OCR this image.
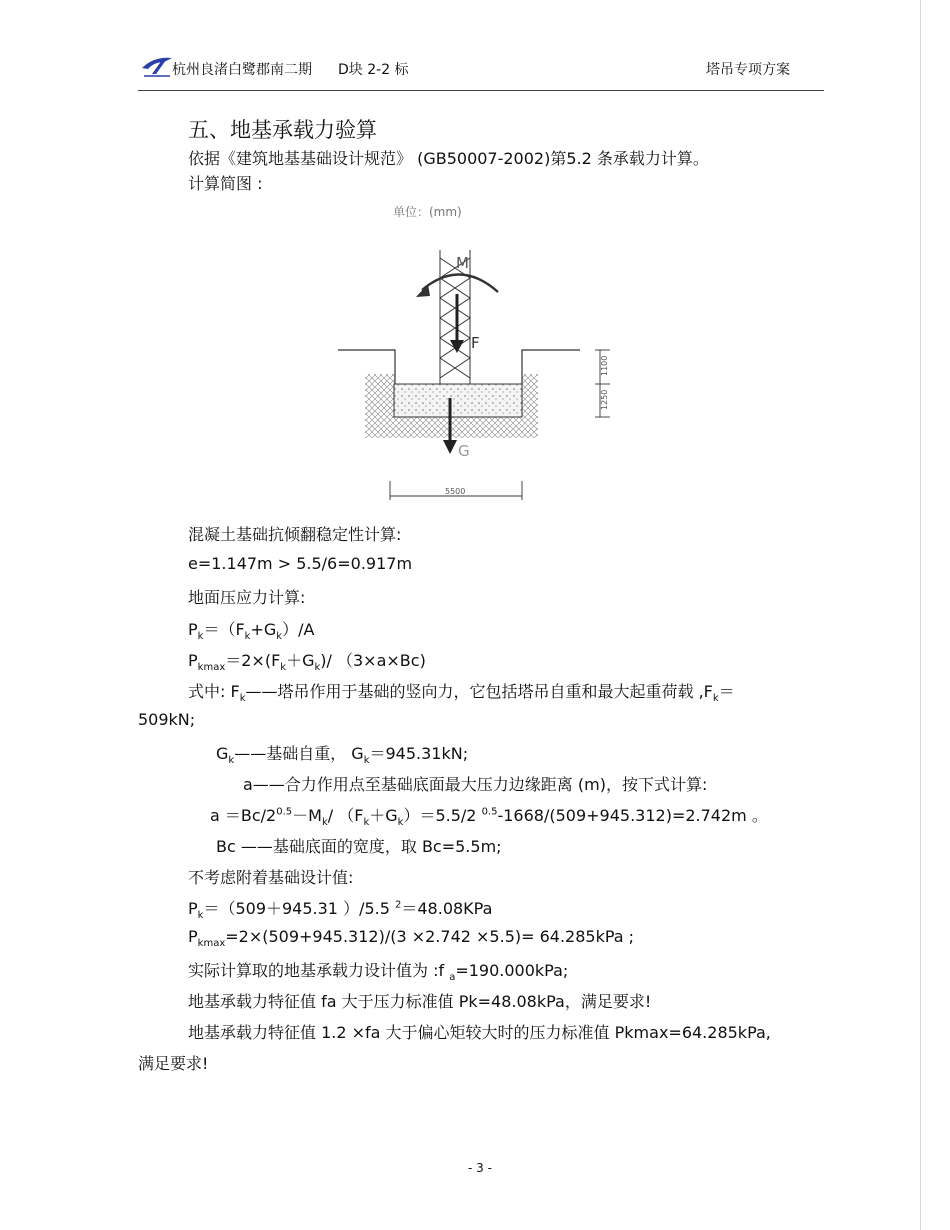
杭州良渚白鹭郡南二期 D块 2-2 标	塔吊专项方案
五、地基承载力验算
依据《建筑地基基础设计规范》 (GB50007-2002)第5.2 条承载力计算。
计算简图 :
单位：(mm)
M
F
G
1100
1250
5500
混凝土基础抗倾翻稳定性计算:
e=1.147m > 5.5/6=0.917m
地面压应力计算:
$P_k=(F_k+G_k)/A$
$P_{kmax}=2\times(F_k+G_k)/$ （3×a×Bc)
式中: $F_k——$塔吊作用于基础的竖向力，它包括塔吊自重和最大起重荷载 $,F_k=$
509kN;
$G_k——$基础自重， $G_k=945.31kN$;
a——合力作用点至基础底面最大压力边缘距离 (m)，按下式计算:
$a =Bc/2^{0.5}-M_k/$ $(F_k+G_k)=5.5/2$ $^{0.5}$-1668/(509+945.312)=2.742m 。
Bc ——基础底面的宽度，取 Bc=5.5m;
不考虑附着基础设计值:
$P_k=(509+945.31$ ）/5.5 $^2$＝48.08KPa
$P_{kmax}=2\times(509+945.312)/(3 \times 2.742 \times 5.5)= 64.285kPa$ ;
实际计算取的地基承载力设计值为 :f $_a$=190.000kPa;
地基承载力特征值 fa 大于压力标准值 Pk=48.08kPa，满足要求!
地基承载力特征值 1.2 ×fa 大于偏心矩较大时的压力标准值 Pkmax=64.285kPa,
满足要求!
- 3 -
